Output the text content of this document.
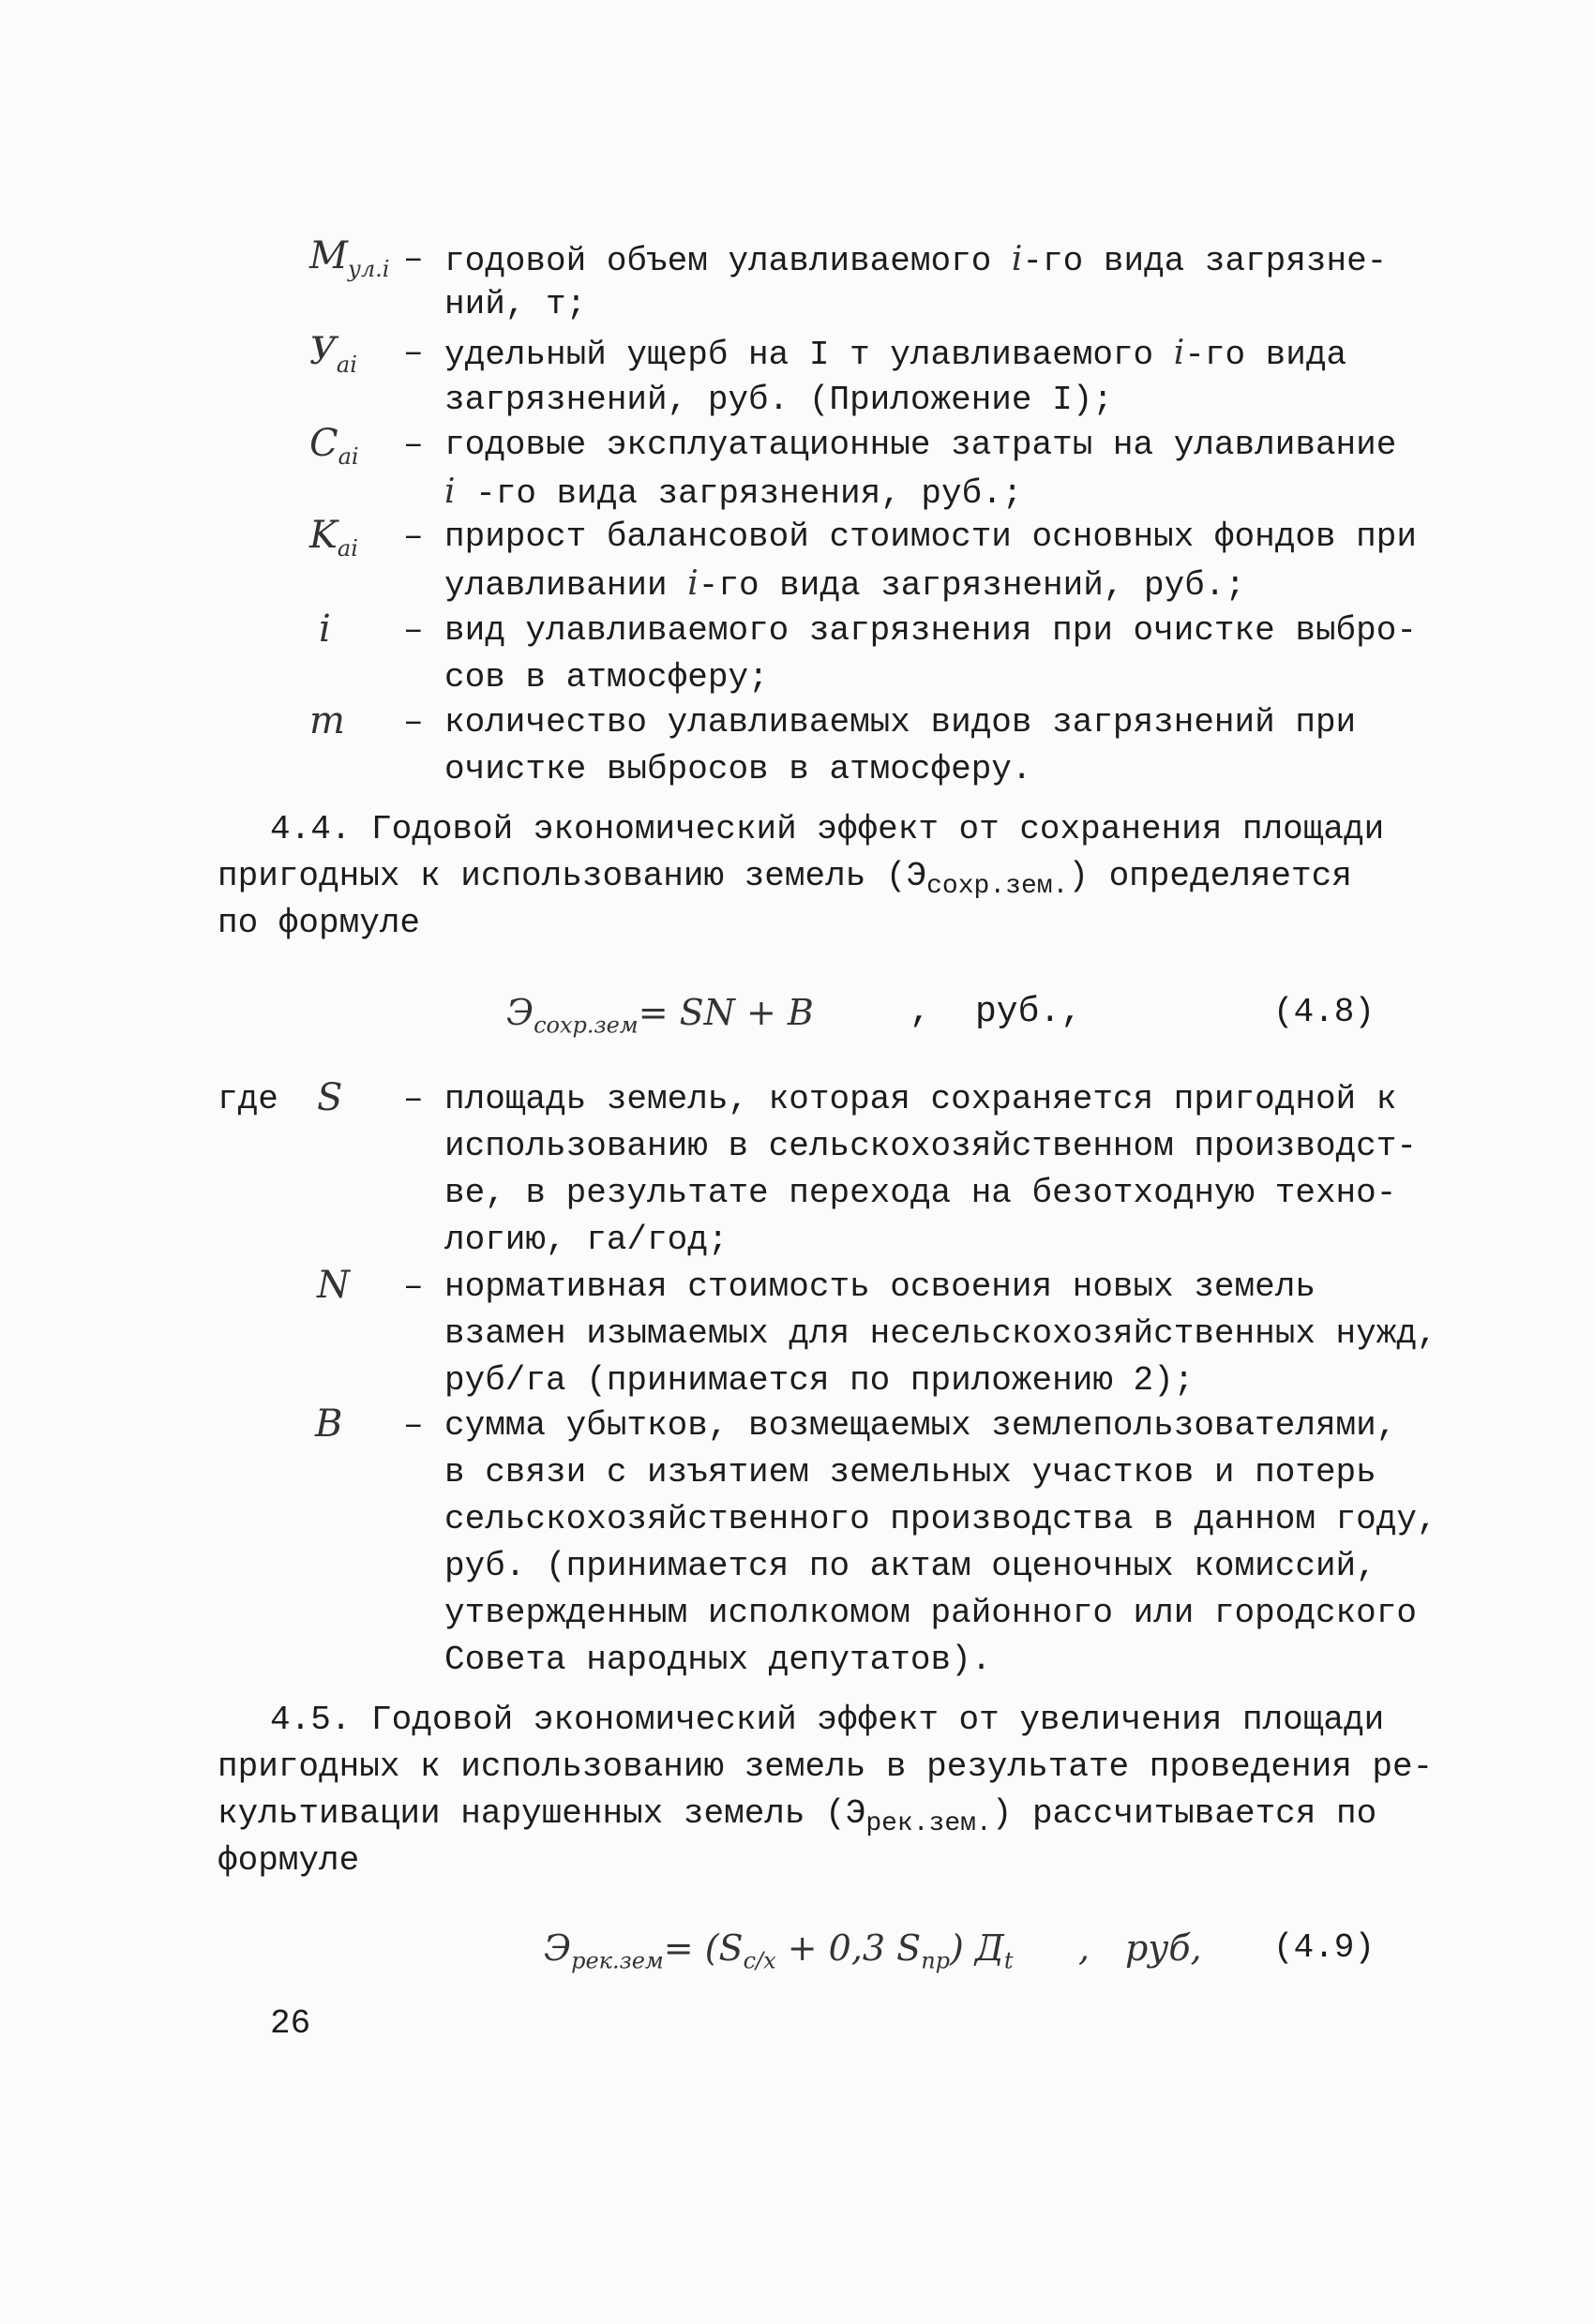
$M_{ул.i}$ – годовой объем улавливаемого i-го вида загрязне-
ний, т;
$У_{ai}$ – удельный ущерб на I т улавливаемого i-го вида
загрязнений, руб. (Приложение I);
$C_{ai}$ – годовые эксплуатационные затраты на улавливание
i -го вида загрязнения, руб.;
$K_{ai}$ – прирост балансовой стоимости основных фондов при
улавливании i-го вида загрязнений, руб.;
i – вид улавливаемого загрязнения при очистке выбро-
сов в атмосферу;
m – количество улавливаемых видов загрязнений при
очистке выбросов в атмосферу.
4.4. Годовой экономический эффект от сохранения площади
пригодных к использованию земель $(Э_{сохр.зем.})$ определяется
по формуле
$Э_{сохр.зем}=$ SN + B	, руб.,	(4.8)
где S – площадь земель, которая сохраняется пригодной к
использованию в сельскохозяйственном производст-
ве, в результате перехода на безотходную техно-
логию, га/год;
N – нормативная стоимость освоения новых земель
взамен изымаемых для несельскохозяйственных нужд,
руб/га (принимается по приложению 2);
B – сумма убытков, возмещаемых землепользователями,
в связи с изъятием земельных участков и потерь
сельскохозяйственного производства в данном году,
руб. (принимается по актам оценочных комиссий,
утвержденным исполкомом районного или городского
Совета народных депутатов).
4.5. Годовой экономический эффект от увеличения площади
пригодных к использованию земель в результате проведения ре-
культивации нарушенных земель $(Э_{рек.зем.})$ рассчитывается по
формуле
$Э_{рек.зем}= (S_{с/х} + 0,3$ $S_{пр}$) $Д_t$ , руб, (4.9)
26
